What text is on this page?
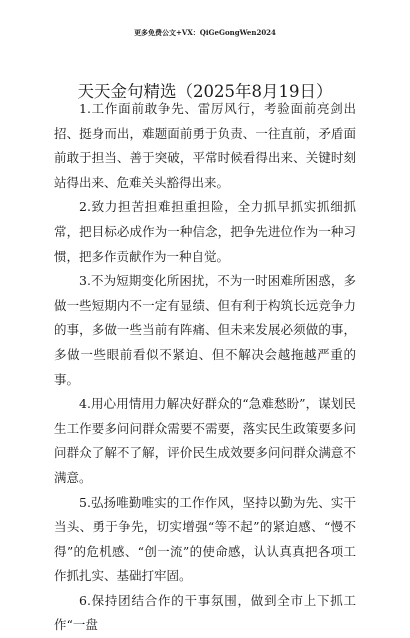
更多免费公文+VX：QiGeGongWen2024
天天金句精选（2025年8月19日）

1.工作面前敢争先、雷厉风行，考验面前亮剑出招、挺身而出，难题面前勇于负责、一往直前，矛盾面前敢于担当、善于突破，平常时候看得出来、关键时刻站得出来、危难关头豁得出来。

2.致力担苦担难担重担险，全力抓早抓实抓细抓常，把目标必成作为一种信念，把争先进位作为一种习惯，把多作贡献作为一种自觉。

3.不为短期变化所困扰，不为一时困难所困惑，多做一些短期内不一定有显绩、但有利于构筑长远竞争力的事，多做一些当前有阵痛、但未来发展必须做的事，多做一些眼前看似不紧迫、但不解决会越拖越严重的事。

4.用心用情用力解决好群众的“急难愁盼”，谋划民生工作要多问问群众需要不需要，落实民生政策要多问问群众了解不了解，评价民生成效要多问问群众满意不满意。

5.弘扬唯勤唯实的工作作风，坚持以勤为先、实干当头、勇于争先，切实增强“等不起”的紧迫感、“慢不得”的危机感、“创一流”的使命感，认认真真把各项工作抓扎实、基础打牢固。

6.保持团结合作的干事氛围，做到全市上下抓工作“一盘
